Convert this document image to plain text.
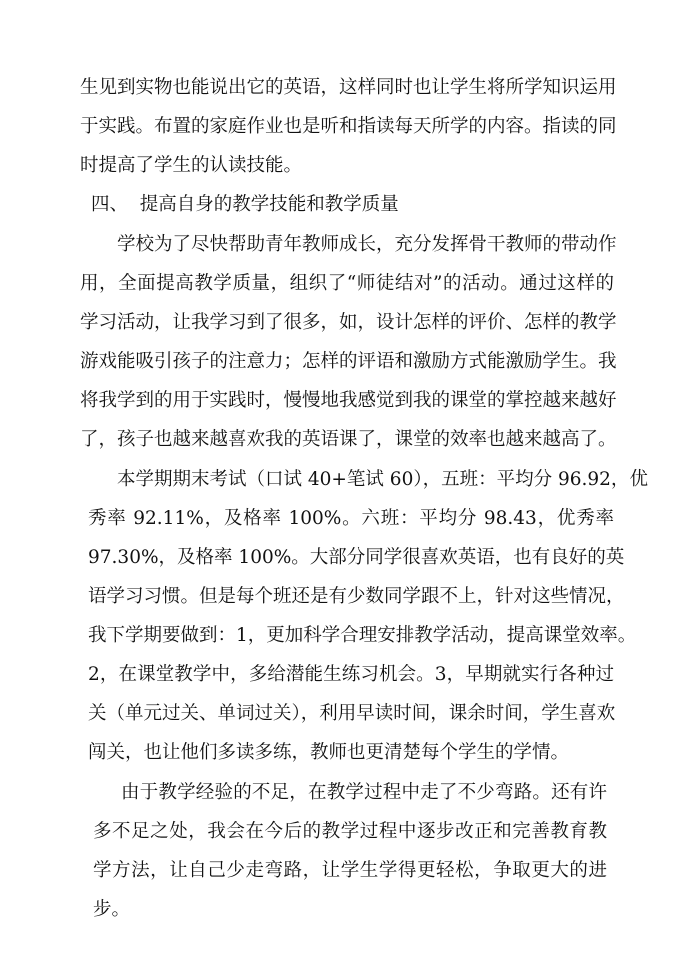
生见到实物也能说出它的英语，这样同时也让学生将所学知识运用
于实践。布置的家庭作业也是听和指读每天所学的内容。指读的同
时提高了学生的认读技能。
四、  提高自身的教学技能和教学质量
学校为了尽快帮助青年教师成长，充分发挥骨干教师的带动作
用，全面提高教学质量，组织了“师徒结对”的活动。通过这样的
学习活动，让我学习到了很多，如，设计怎样的评价、怎样的教学
游戏能吸引孩子的注意力；怎样的评语和激励方式能激励学生。我
将我学到的用于实践时，慢慢地我感觉到我的课堂的掌控越来越好
了，孩子也越来越喜欢我的英语课了，课堂的效率也越来越高了。
本学期期末考试（口试 40+笔试 60），五班：平均分 96.92，优
秀率 92.11%，及格率 100%。六班：平均分 98.43，优秀率
97.30%，及格率 100%。大部分同学很喜欢英语，也有良好的英
语学习习惯。但是每个班还是有少数同学跟不上，针对这些情况，
我下学期要做到：1，更加科学合理安排教学活动，提高课堂效率。
2，在课堂教学中，多给潜能生练习机会。3，早期就实行各种过
关（单元过关、单词过关），利用早读时间，课余时间，学生喜欢
闯关，也让他们多读多练，教师也更清楚每个学生的学情。
由于教学经验的不足，在教学过程中走了不少弯路。还有许
多不足之处，我会在今后的教学过程中逐步改正和完善教育教
学方法，让自己少走弯路，让学生学得更轻松，争取更大的进
步。
